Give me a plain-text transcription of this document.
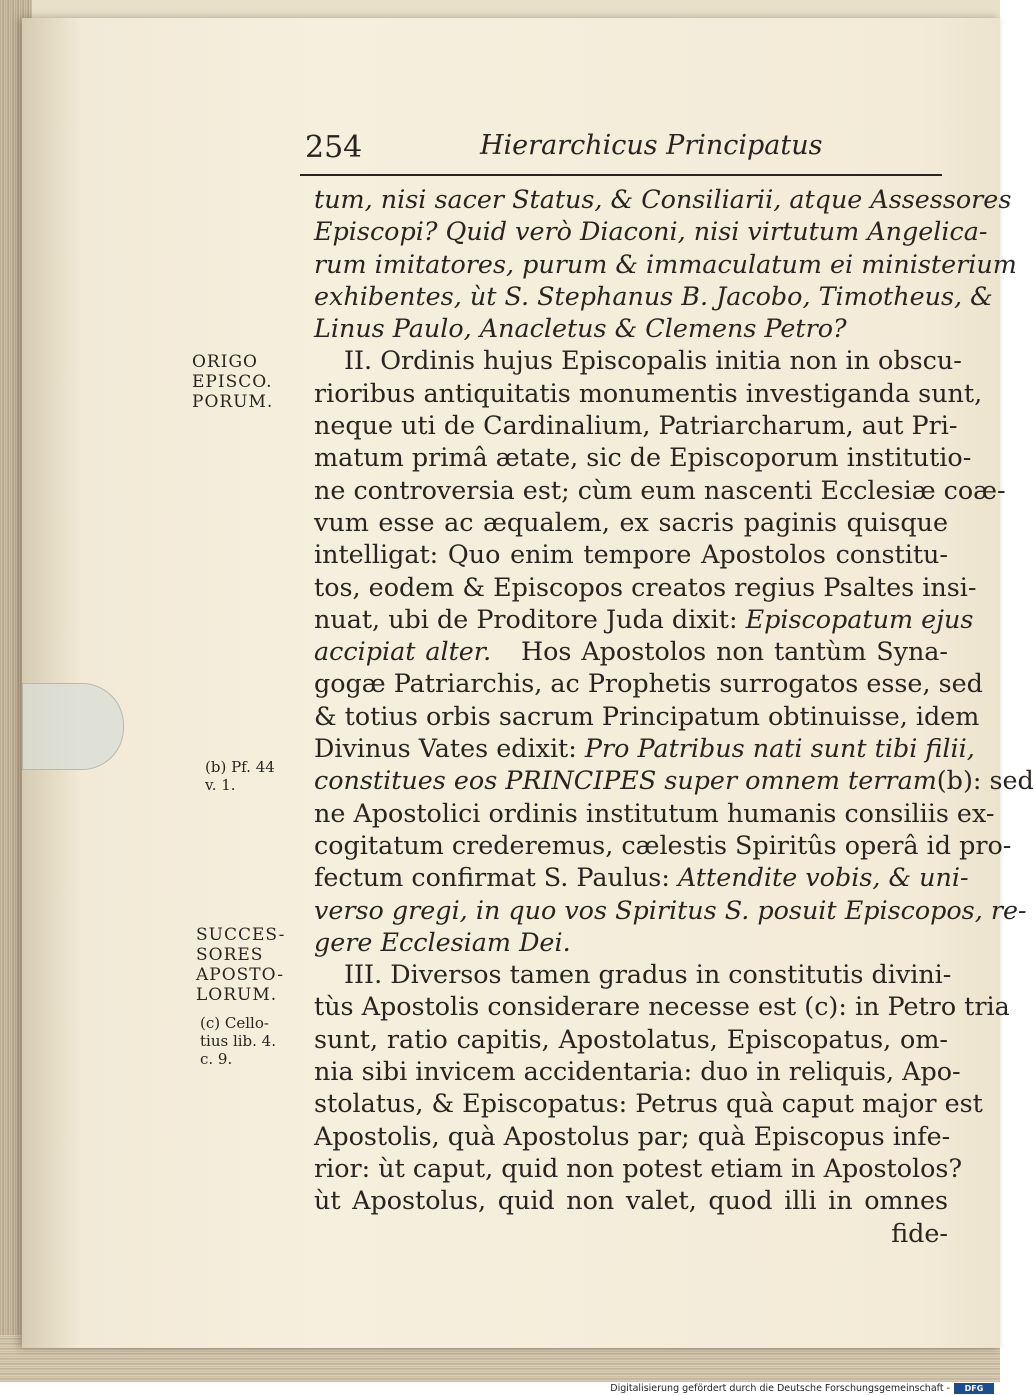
254	Hierarchicus Principatus
ORIGO
EPISCO.
PORUM.
(b) Pf. 44
v. 1.
SUCCES-
SORES
APOSTO-
LORUM.
(c) Cello-
tius lib. 4.
c. 9.
tum, nisi sacer Status, & Consiliarii, atque Assessores
Episcopi? Quid verò Diaconi, nisi virtutum Angelica-
rum imitatores, purum & immaculatum ei ministerium
exhibentes, ùt S. Stephanus B. Jacobo, Timotheus, &
Linus Paulo, Anacletus & Clemens Petro?
II. Ordinis hujus Episcopalis initia non in obscu-
rioribus antiquitatis monumentis investiganda sunt,
neque uti de Cardinalium, Patriarcharum, aut Pri-
matum primâ ætate, sic de Episcoporum institutio-
ne controversia est; cùm eum nascenti Ecclesiæ coæ-
vum esse ac æqualem, ex sacris paginis quisque
intelligat: Quo enim tempore Apostolos constitu-
tos, eodem & Episcopos creatos regius Psaltes insi-
nuat, ubi de Proditore Juda dixit: Episcopatum ejus
accipiat alter. Hos Apostolos non tantùm Syna-
gogæ Patriarchis, ac Prophetis surrogatos esse, sed
& totius orbis sacrum Principatum obtinuisse, idem
Divinus Vates edixit: Pro Patribus nati sunt tibi filii,
constitues eos PRINCIPES super omnem terram(b): sed
ne Apostolici ordinis institutum humanis consiliis ex-
cogitatum crederemus, cælestis Spiritûs operâ id pro-
fectum confirmat S. Paulus: Attendite vobis, & uni-
verso gregi, in quo vos Spiritus S. posuit Episcopos, re-
gere Ecclesiam Dei.
III. Diversos tamen gradus in constitutis divini-
tùs Apostolis considerare necesse est (c): in Petro tria
sunt, ratio capitis, Apostolatus, Episcopatus, om-
nia sibi invicem accidentaria: duo in reliquis, Apo-
stolatus, & Episcopatus: Petrus quà caput major est
Apostolis, quà Apostolus par; quà Episcopus infe-
rior: ùt caput, quid non potest etiam in Apostolos?
ùt Apostolus, quid non valet, quod illi in omnes
fide-
Digitalisierung gefördert durch die Deutsche Forschungsgemeinschaft -	DFG
